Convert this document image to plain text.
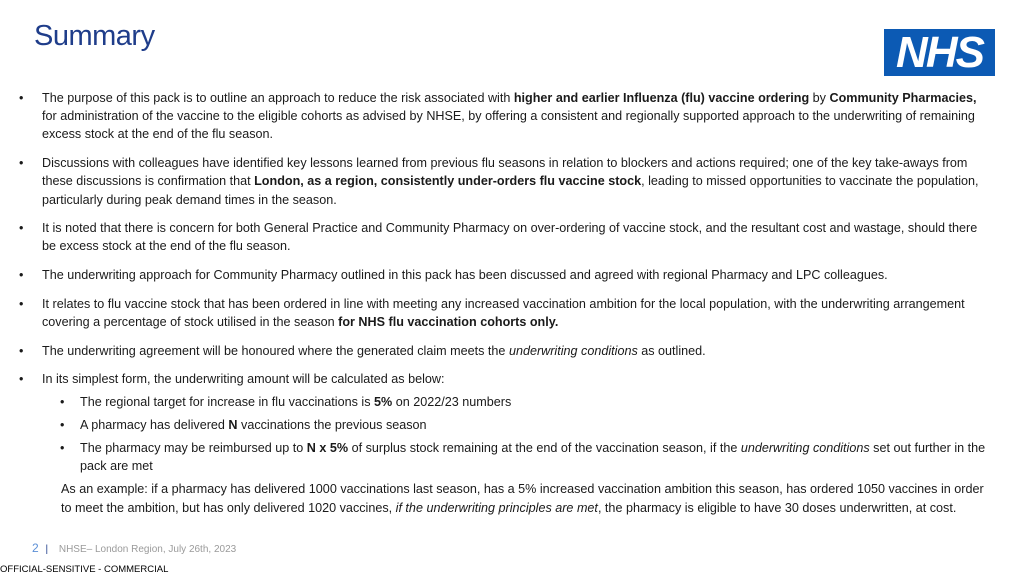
Summary	NHS
• The purpose of this pack is to outline an approach to reduce the risk associated with higher and earlier Influenza (flu) vaccine ordering by Community Pharmacies, for administration of the vaccine to the eligible cohorts as advised by NHSE, by offering a consistent and regionally supported approach to the underwriting of remaining excess stock at the end of the flu season.
• Discussions with colleagues have identified key lessons learned from previous flu seasons in relation to blockers and actions required; one of the key take-aways from these discussions is confirmation that London, as a region, consistently under-orders flu vaccine stock, leading to missed opportunities to vaccinate the population, particularly during peak demand times in the season.
• It is noted that there is concern for both General Practice and Community Pharmacy on over-ordering of vaccine stock, and the resultant cost and wastage, should there be excess stock at the end of the flu season.
• The underwriting approach for Community Pharmacy outlined in this pack has been discussed and agreed with regional Pharmacy and LPC colleagues.
• It relates to flu vaccine stock that has been ordered in line with meeting any increased vaccination ambition for the local population, with the underwriting arrangement covering a percentage of stock utilised in the season for NHS flu vaccination cohorts only.
• The underwriting agreement will be honoured where the generated claim meets the underwriting conditions as outlined.
• In its simplest form, the underwriting amount will be calculated as below:
• The regional target for increase in flu vaccinations is 5% on 2022/23 numbers
• A pharmacy has delivered N vaccinations the previous season
• The pharmacy may be reimbursed up to N x 5% of surplus stock remaining at the end of the vaccination season, if the underwriting conditions set out further in the pack are met
As an example: if a pharmacy has delivered 1000 vaccinations last season, has a 5% increased vaccination ambition this season, has ordered 1050 vaccines in order to meet the ambition, but has only delivered 1020 vaccines, if the underwriting principles are met, the pharmacy is eligible to have 30 doses underwritten, at cost.
2 | NHSE– London Region, July 26th, 2023
OFFICIAL-SENSITIVE - COMMERCIAL
